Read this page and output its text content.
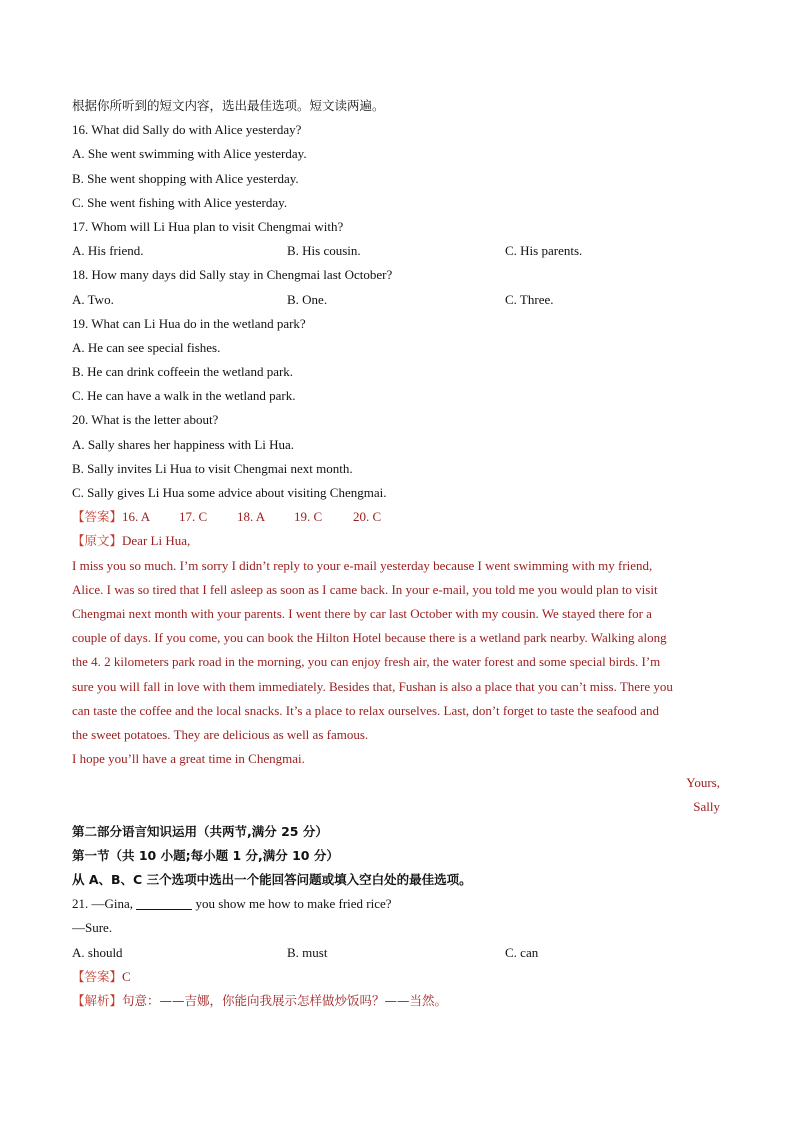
根据你所听到的短文内容，选出最佳选项。短文读两遍。
16. What did Sally do with Alice yesterday?
A. She went swimming with Alice yesterday.
B. She went shopping with Alice yesterday.
C. She went fishing with Alice yesterday.
17. Whom will Li Hua plan to visit Chengmai with?
A. His friend.	B. His cousin.	C. His parents.
18. How many days did Sally stay in Chengmai last October?
A. Two.	B. One.	C. Three.
19. What can Li Hua do in the wetland park?
A. He can see special fishes.
B. He can drink coffeein the wetland park.
C. He can have a walk in the wetland park.
20. What is the letter about?
A. Sally shares her happiness with Li Hua.
B. Sally invites Li Hua to visit Chengmai next month.
C. Sally gives Li Hua some advice about visiting Chengmai.
【答案】16. A 17. C 18. A 19. C 20. C
【原文】Dear Li Hua,
I miss you so much. I’m sorry I didn’t reply to your e-mail yesterday because I went swimming with my friend,
Alice. I was so tired that I fell asleep as soon as I came back. In your e-mail, you told me you would plan to visit
Chengmai next month with your parents. I went there by car last October with my cousin. We stayed there for a
couple of days. If you come, you can book the Hilton Hotel because there is a wetland park nearby. Walking along
the 4. 2 kilometers park road in the morning, you can enjoy fresh air, the water forest and some special birds. I’m
sure you will fall in love with them immediately. Besides that, Fushan is also a place that you can’t miss. There you
can taste the coffee and the local snacks. It’s a place to relax ourselves. Last, don’t forget to taste the seafood and
the sweet potatoes. They are delicious as well as famous.
I hope you’ll have a great time in Chengmai.
Yours,
Sally
第二部分语言知识运用（共两节,满分 25 分）
第一节（共 10 小题;每小题 1 分,满分 10 分）
从 A、B、C 三个选项中选出一个能回答问题或填入空白处的最佳选项。
21. —Gina,	you show me how to make fried rice?
—Sure.
A. should	B. must	C. can
【答案】C
【解析】句意：——吉娜，你能向我展示怎样做炒饭吗？——当然。
